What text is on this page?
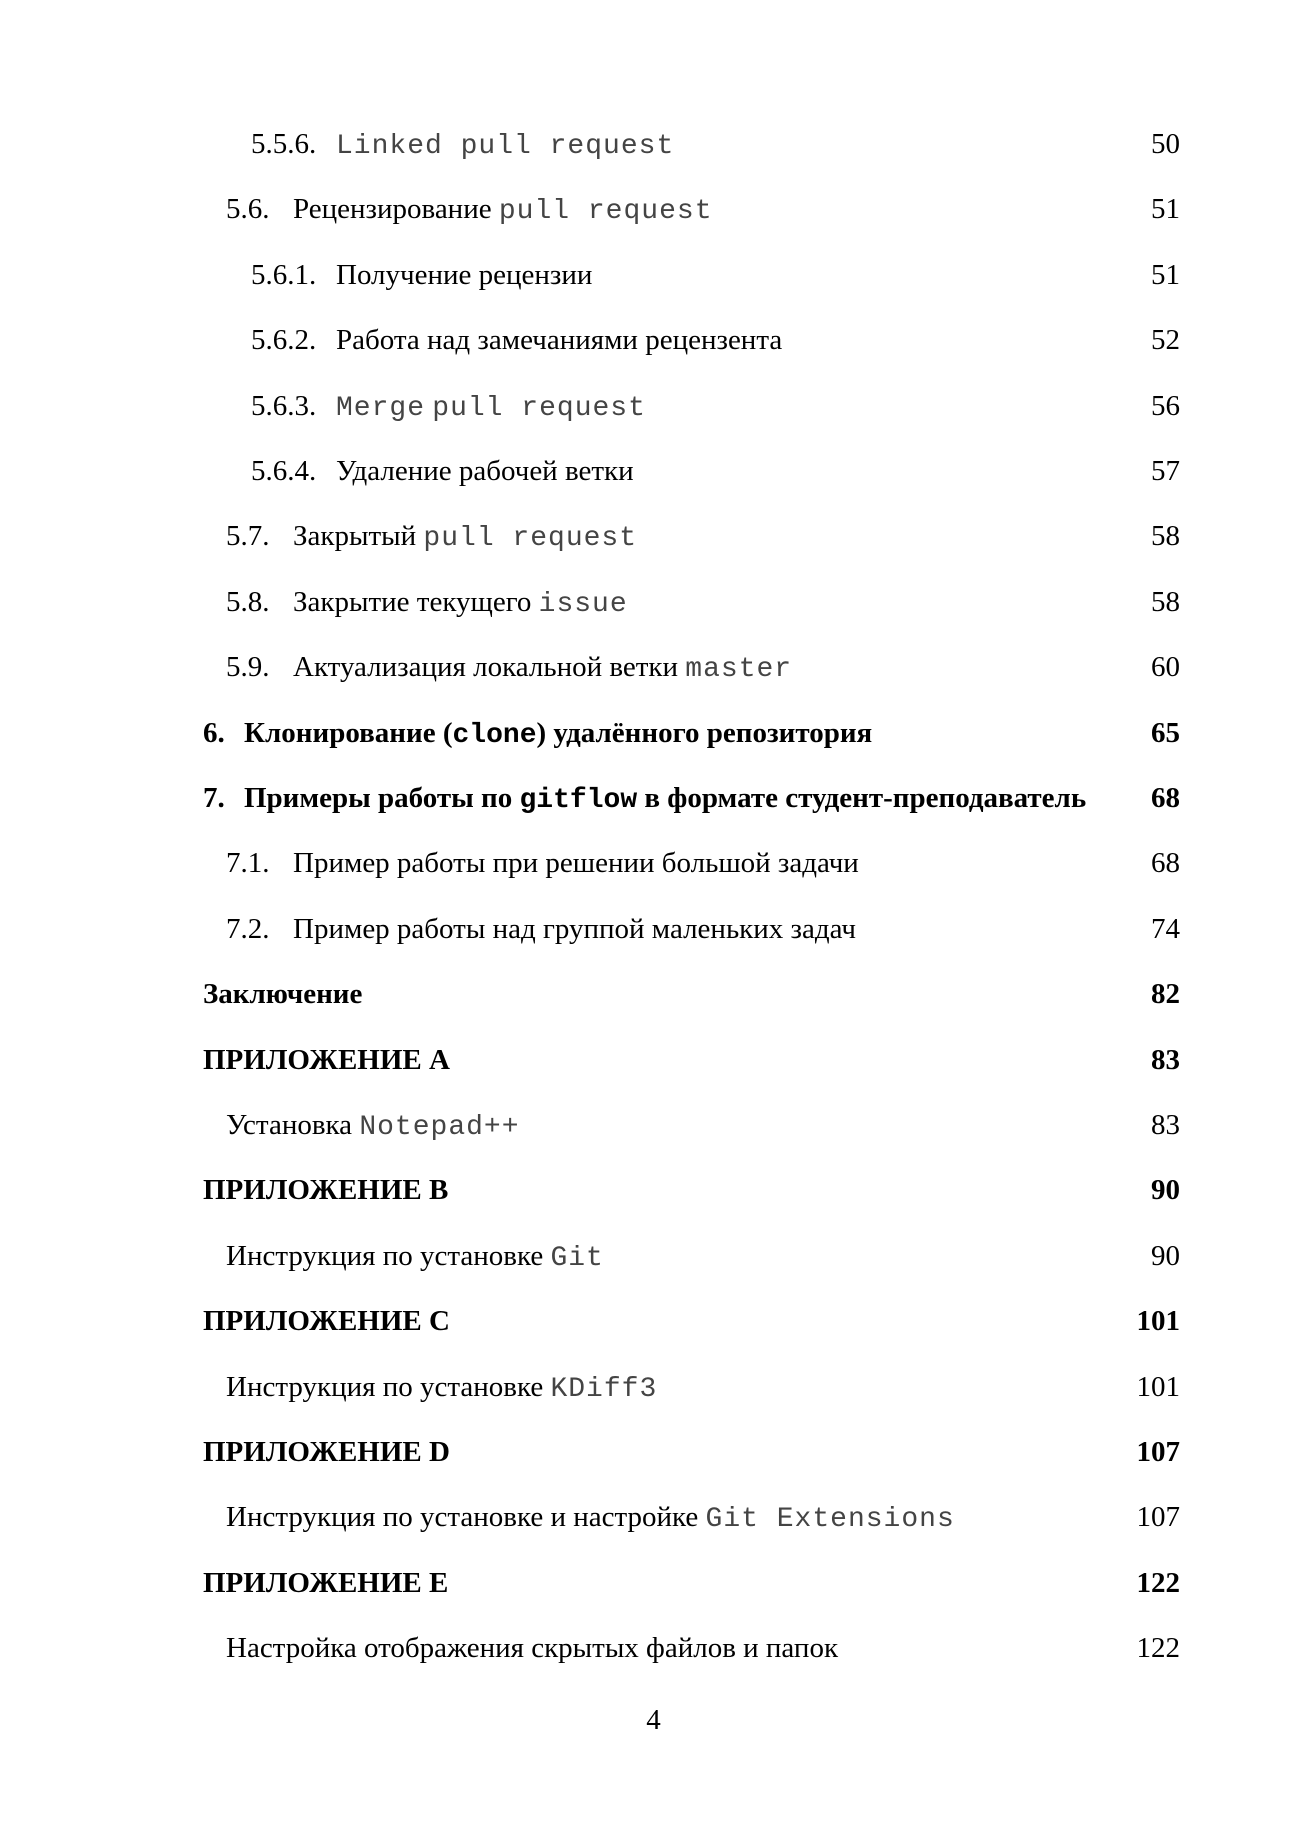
5.5.6. Linked pull request	50
5.6. Рецензирование pull request	51
5.6.1. Получение рецензии	51
5.6.2. Работа над замечаниями рецензента	52
5.6.3. Merge pull request	56
5.6.4. Удаление рабочей ветки	57
5.7. Закрытый pull request	58
5.8. Закрытие текущего issue	58
5.9. Актуализация локальной ветки master	60
6. Клонирование (clone) удалённого репозитория	65
7. Примеры работы по gitflow в формате студент-преподаватель 68
7.1. Пример работы при решении большой задачи	68
7.2. Пример работы над группой маленьких задач	74
Заключение	82
ПРИЛОЖЕНИЕ A	83
Установка Notepad++	83
ПРИЛОЖЕНИЕ B	90
Инструкция по установке Git	90
ПРИЛОЖЕНИЕ C	101
Инструкция по установке KDiff3	101
ПРИЛОЖЕНИЕ D	107
Инструкция по установке и настройке Git Extensions	107
ПРИЛОЖЕНИЕ E	122
Настройка отображения скрытых файлов и папок	122
4
